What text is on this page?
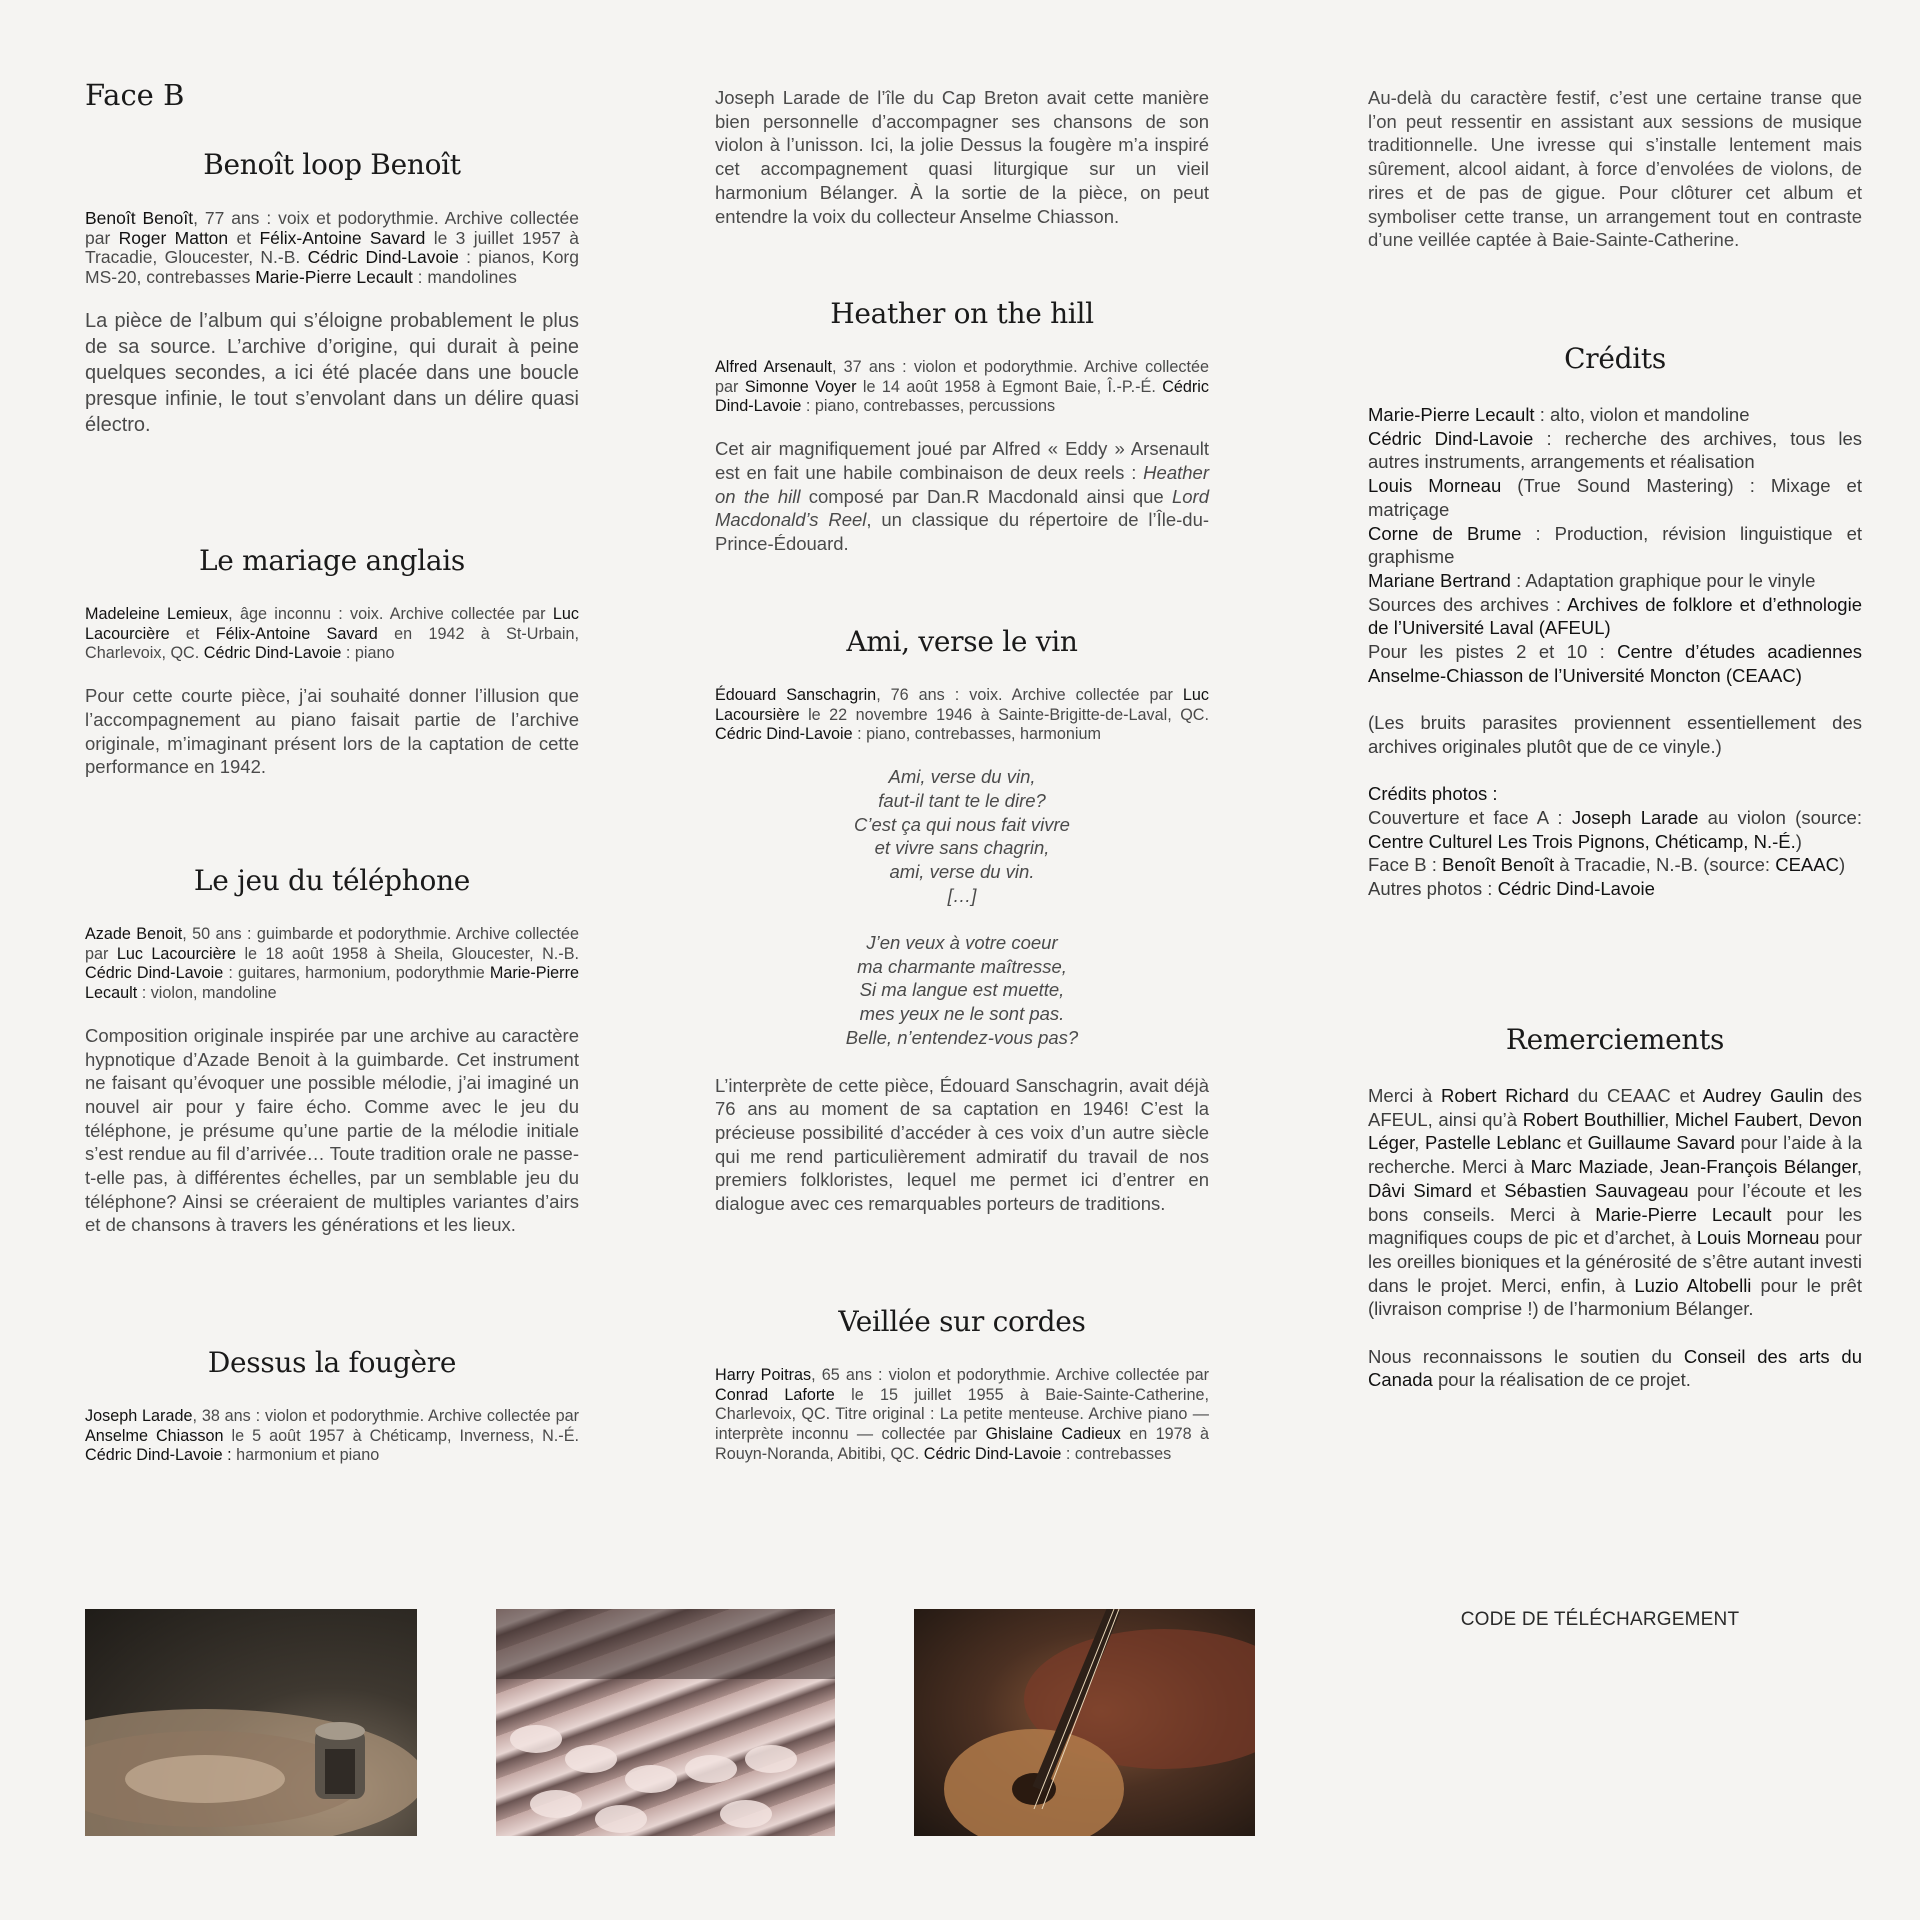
Face B
Benoît loop Benoît

Benoît Benoît, 77 ans : voix et podorythmie. Archive collectée par Roger Matton et Félix-Antoine Savard le 3 juillet 1957 à Tracadie, Gloucester, N.-B. Cédric Dind-Lavoie : pianos, Korg MS-20, contrebasses Marie-Pierre Lecault : mandolines

La pièce de l’album qui s’éloigne probablement le plus de sa source. L’archive d’origine, qui durait à peine quelques secondes, a ici été placée dans une boucle presque infinie, le tout s’envolant dans un délire quasi électro.

Le mariage anglais

Madeleine Lemieux, âge inconnu : voix. Archive collectée par Luc Lacourcière et Félix-Antoine Savard en 1942 à St-Urbain, Charlevoix, QC. Cédric Dind-Lavoie : piano

Pour cette courte pièce, j’ai souhaité donner l’illusion que l’accompagnement au piano faisait partie de l’archive originale, m’imaginant présent lors de la captation de cette performance en 1942.

Le jeu du téléphone

Azade Benoit, 50 ans : guimbarde et podorythmie. Archive collectée par Luc Lacourcière le 18 août 1958 à Sheila, Gloucester, N.-B. Cédric Dind-Lavoie : guitares, harmonium, podorythmie Marie-Pierre Lecault : violon, mandoline

Composition originale inspirée par une archive au caractère hypnotique d’Azade Benoit à la guimbarde. Cet instrument ne faisant qu’évoquer une possible mélodie, j’ai imaginé un nouvel air pour y faire écho. Comme avec le jeu du téléphone, je présume qu’une partie de la mélodie initiale s’est rendue au fil d’arrivée… Toute tradition orale ne passe-t-elle pas, à différentes échelles, par un semblable jeu du téléphone? Ainsi se créeraient de multiples variantes d’airs et de chansons à travers les générations et les lieux.

Dessus la fougère

Joseph Larade, 38 ans : violon et podorythmie. Archive collectée par Anselme Chiasson le 5 août 1957 à Chéticamp, Inverness, N.-É. Cédric Dind-Lavoie : harmonium et piano

Joseph Larade de l’île du Cap Breton avait cette manière bien personnelle d’accompagner ses chansons de son violon à l’unisson. Ici, la jolie Dessus la fougère m’a inspiré cet accompagnement quasi liturgique sur un vieil harmonium Bélanger. À la sortie de la pièce, on peut entendre la voix du collecteur Anselme Chiasson.

Heather on the hill

Alfred Arsenault, 37 ans : violon et podorythmie. Archive collectée par Simonne Voyer le 14 août 1958 à Egmont Baie, Î.-P.-É. Cédric Dind-Lavoie : piano, contrebasses, percussions

Cet air magnifiquement joué par Alfred « Eddy » Arsenault est en fait une habile combinaison de deux reels : Heather on the hill composé par Dan.R Macdonald ainsi que Lord Macdonald’s Reel, un classique du répertoire de l’Île-du-Prince-Édouard.

Ami, verse le vin

Édouard Sanschagrin, 76 ans : voix. Archive collectée par Luc Lacoursière le 22 novembre 1946 à Sainte-Brigitte-de-Laval, QC. Cédric Dind-Lavoie : piano, contrebasses, harmonium

Ami, verse du vin,
faut-il tant te le dire?
C’est ça qui nous fait vivre
et vivre sans chagrin,
ami, verse du vin.
[…]
J’en veux à votre coeur
ma charmante maîtresse,
Si ma langue est muette,
mes yeux ne le sont pas.
Belle, n’entendez-vous pas?

L’interprète de cette pièce, Édouard Sanschagrin, avait déjà 76 ans au moment de sa captation en 1946! C’est la précieuse possibilité d’accéder à ces voix d’un autre siècle qui me rend particulièrement admiratif du travail de nos premiers folkloristes, lequel me permet ici d’entrer en dialogue avec ces remarquables porteurs de traditions.

Veillée sur cordes

Harry Poitras, 65 ans : violon et podorythmie. Archive collectée par Conrad Laforte le 15 juillet 1955 à Baie-Sainte-Catherine, Charlevoix, QC. Titre original : La petite menteuse. Archive piano — interprète inconnu — collectée par Ghislaine Cadieux en 1978 à Rouyn-Noranda, Abitibi, QC. Cédric Dind-Lavoie : contrebasses

Au-delà du caractère festif, c’est une certaine transe que l’on peut ressentir en assistant aux sessions de musique traditionnelle. Une ivresse qui s’installe lentement mais sûrement, alcool aidant, à force d’envolées de violons, de rires et de pas de gigue. Pour clôturer cet album et symboliser cette transe, un arrangement tout en contraste d’une veillée captée à Baie-Sainte-Catherine.

Crédits

Marie-Pierre Lecault : alto, violon et mandoline

Cédric Dind-Lavoie : recherche des archives, tous les autres instruments, arrangements et réalisation

Louis Morneau (True Sound Mastering) : Mixage et matriçage

Corne de Brume : Production, révision linguistique et graphisme

Mariane Bertrand : Adaptation graphique pour le vinyle

Sources des archives : Archives de folklore et d’ethnologie de l’Université Laval (AFEUL)

Pour les pistes 2 et 10 : Centre d’études acadiennes Anselme-Chiasson de l’Université Moncton (CEAAC)

(Les bruits parasites proviennent essentiellement des archives originales plutôt que de ce vinyle.)

Crédits photos :

Couverture et face A : Joseph Larade au violon (source: Centre Culturel Les Trois Pignons, Chéticamp, N.-É.)

Face B : Benoît Benoît à Tracadie, N.-B. (source: CEAAC)

Autres photos : Cédric Dind-Lavoie

Remerciements

Merci à Robert Richard du CEAAC et Audrey Gaulin des AFEUL, ainsi qu’à Robert Bouthillier, Michel Faubert, Devon Léger, Pastelle Leblanc et Guillaume Savard pour l’aide à la recherche. Merci à Marc Maziade, Jean-François Bélanger, Dâvi Simard et Sébastien Sauvageau pour l’écoute et les bons conseils. Merci à Marie-Pierre Lecault pour les magnifiques coups de pic et d’archet, à Louis Morneau pour les oreilles bioniques et la générosité de s’être autant investi dans le projet. Merci, enfin, à Luzio Altobelli pour le prêt (livraison comprise !) de l’harmonium Bélanger.

Nous reconnaissons le soutien du Conseil des arts du Canada pour la réalisation de ce projet.

CODE DE TÉLÉCHARGEMENT
